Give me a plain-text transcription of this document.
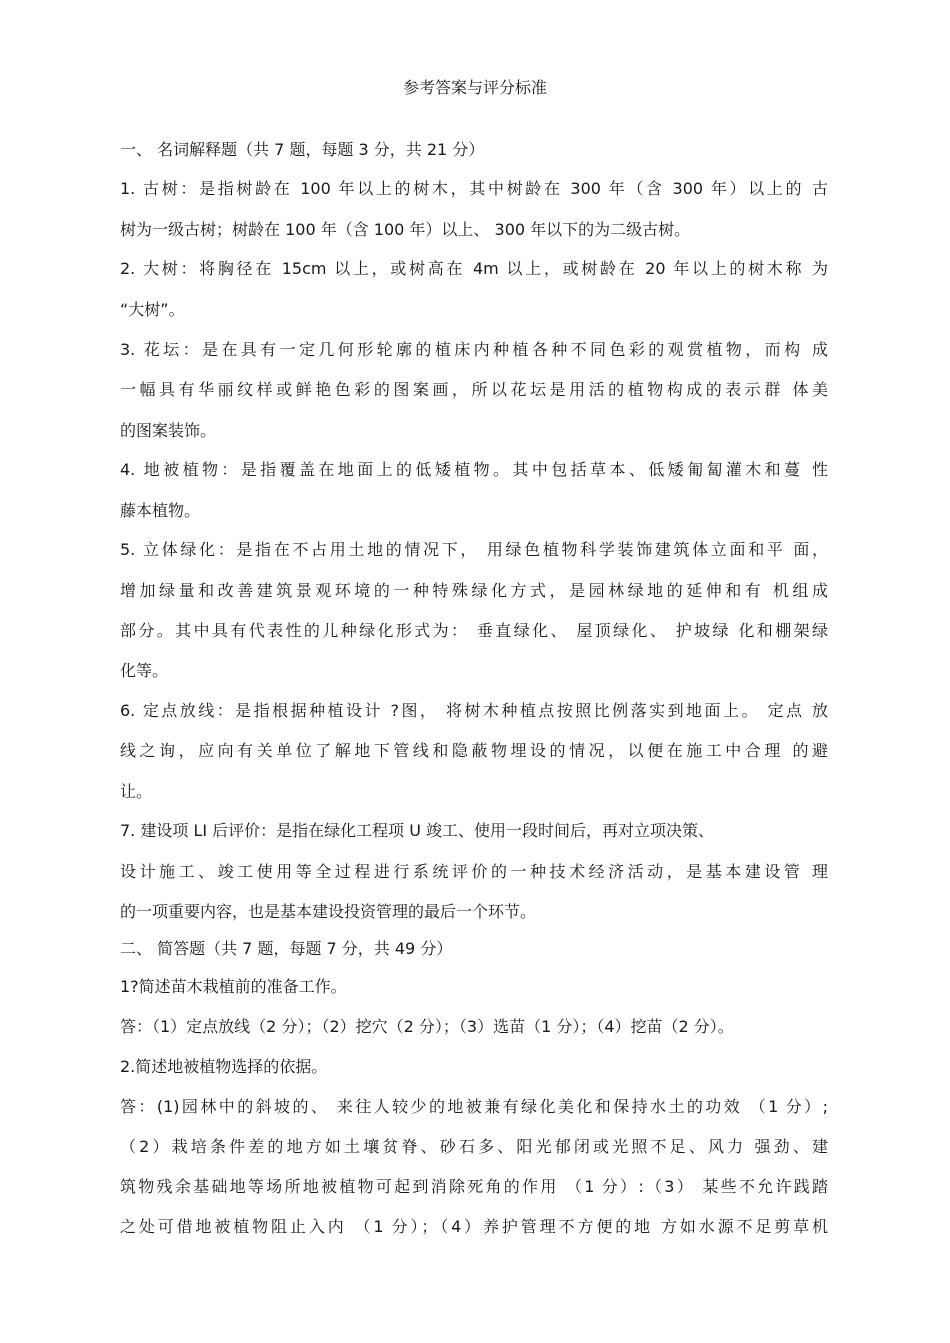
参考答案与评分标准
一、 名词解释题（共 7 题，每题 3 分，共 21 分）
1. 古树：是指树龄在 100 年以上的树木，其中树龄在 300 年（含 300 年）以上的 古
树为一级古树；树龄在 100 年（含 100 年）以上、 300 年以下的为二级古树。
2. 大树：将胸径在 15cm 以上，或树高在 4m 以上，或树龄在 20 年以上的树木称 为
“大树”。
3. 花坛：是在具有一定几何形轮廓的植床内种植各种不同色彩的观赏植物，而构 成
一幅具有华丽纹样或鲜艳色彩的图案画，所以花坛是用活的植物构成的表示群 体美
的图案装饰。
4. 地被植物：是指覆盖在地面上的低矮植物。其中包括草本、低矮匍匐灌木和蔓 性
藤本植物。
5. 立体绿化：是指在不占用土地的情况下， 用绿色植物科学装饰建筑体立面和平 面，
增加绿量和改善建筑景观环境的一种特殊绿化方式，是园林绿地的延伸和有 机组成
部分。其中具有代表性的儿种绿化形式为： 垂直绿化、 屋顶绿化、 护坡绿 化和棚架绿
化等。
6. 定点放线：是指根据种植设计 ?图， 将树木种植点按照比例落实到地面上。 定点 放
线之询，应向有关单位了解地下管线和隐蔽物埋设的情况，以便在施工中合理 的避
让。
7. 建设项 LI 后评价：是指在绿化工程项 U 竣工、使用一段时间后，再对立项决策、
设计施工、竣工使用等全过程进行系统评价的一种技术经济活动，是基本建设管 理
的一项重要内容，也是基本建设投资管理的最后一个环节。
二、 简答题（共 7 题，每题 7 分，共 49 分）
1?简述苗木栽植前的准备工作。
答：（1）定点放线（2 分）；（2）挖穴（2 分）；（3）选苗（1 分）；（4）挖苗（2 分）。
2.简述地被植物选择的依据。
答：(1)园林中的斜坡的、 来往人较少的地被兼有绿化美化和保持水土的功效 （1 分）;
（2）栽培条件差的地方如土壤贫脊、砂石多、阳光郁闭或光照不足、风力 强劲、建
筑物残余基础地等场所地被植物可起到消除死角的作用 （1 分）:（3） 某些不允许践踏
之处可借地被植物阻止入内 （1 分）；（4）养护管理不方便的地 方如水源不足剪草机
